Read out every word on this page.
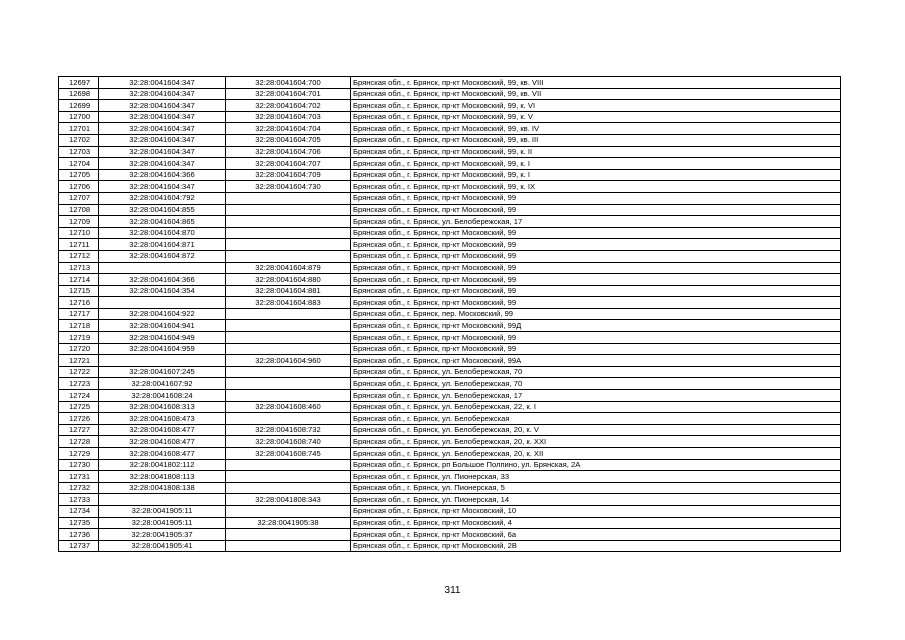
12697	32:28:0041604:347	32:28:0041604:700	Брянская обл., г. Брянск, пр-кт Московский, 99, кв. VIII
12698	32:28:0041604:347	32:28:0041604:701	Брянская обл., г. Брянск, пр-кт Московский, 99, кв. VII
12699	32:28:0041604:347	32:28:0041604:702	Брянская обл., г. Брянск, пр-кт Московский, 99, к. VI
12700	32:28:0041604:347	32:28:0041604:703	Брянская обл., г. Брянск, пр-кт Московский, 99, к. V
12701	32:28:0041604:347	32:28:0041604:704	Брянская обл., г. Брянск, пр-кт Московский, 99, кв. IV
12702	32:28:0041604:347	32:28:0041604:705	Брянская обл., г. Брянск, пр-кт Московский, 99, кв. III
12703	32:28:0041604:347	32:28:0041604:706	Брянская обл., г. Брянск, пр-кт Московский, 99, к. II
12704	32:28:0041604:347	32:28:0041604:707	Брянская обл., г. Брянск, пр-кт Московский, 99, к. I
12705	32:28:0041604:366	32:28:0041604:709	Брянская обл., г. Брянск, пр-кт Московский, 99, к. I
12706	32:28:0041604:347	32:28:0041604:730	Брянская обл., г. Брянск, пр-кт Московский, 99, к. IX
12707	32:28:0041604:792		Брянская обл., г. Брянск, пр-кт Московский, 99
12708	32:28:0041604:855		Брянская обл., г. Брянск, пр-кт Московский, 99
12709	32:28:0041604:865		Брянская обл., г. Брянск, ул. Белобережская, 17
12710	32:28:0041604:870		Брянская обл., г. Брянск, пр-кт Московский, 99
12711	32:28:0041604:871		Брянская обл., г. Брянск, пр-кт Московский, 99
12712	32:28:0041604:872		Брянская обл., г. Брянск, пр-кт Московский, 99
12713		32:28:0041604:879	Брянская обл., г. Брянск, пр-кт Московский, 99
12714	32:28:0041604:366	32:28:0041604:880	Брянская обл., г. Брянск, пр-кт Московский, 99
12715	32:28:0041604:354	32:28:0041604:881	Брянская обл., г. Брянск, пр-кт Московский, 99
12716		32:28:0041604:883	Брянская обл., г. Брянск, пр-кт Московский, 99
12717	32:28:0041604:922		Брянская обл., г. Брянск, пер. Московский, 99
12718	32:28:0041604:941		Брянская обл., г. Брянск, пр-кт Московский, 99Д
12719	32:28:0041604:949		Брянская обл., г. Брянск, пр-кт Московский, 99
12720	32:28:0041604:959		Брянская обл., г. Брянск, пр-кт Московский, 99
12721		32:28:0041604:960	Брянская обл., г. Брянск, пр-кт Московский, 99А
12722	32:28:0041607:245		Брянская обл., г. Брянск, ул. Белобережская, 70
12723	32:28:0041607:92		Брянская обл., г. Брянск, ул. Белобережская, 70
12724	32:28:0041608:24		Брянская обл., г. Брянск, ул. Белобережская, 17
12725	32:28:0041608:313	32:28:0041608:460	Брянская обл., г. Брянск, ул. Белобережская, 22, к. I
12726	32:28:0041608:473		Брянская обл., г. Брянск, ул. Белобережская
12727	32:28:0041608:477	32:28:0041608:732	Брянская обл., г. Брянск, ул. Белобережская, 20, к. V
12728	32:28:0041608:477	32:28:0041608:740	Брянская обл., г. Брянск, ул. Белобережская, 20, к. XXI
12729	32:28:0041608:477	32:28:0041608:745	Брянская обл., г. Брянск, ул. Белобережская, 20, к. XII
12730	32:28:0041802:112		Брянская обл., г. Брянск, рп Большое Полпино, ул. Брянская, 2А
12731	32:28:0041808:113		Брянская обл., г. Брянск, ул. Пионерская, 33
12732	32:28:0041808:138		Брянская обл., г. Брянск, ул. Пионерская, 5
12733		32:28:0041808:343	Брянская обл., г. Брянск, ул. Пионерская, 14
12734	32:28:0041905:11		Брянская обл., г. Брянск, пр-кт Московский, 10
12735	32:28:0041905:11	32:28:0041905:38	Брянская обл., г. Брянск, пр-кт Московский, 4
12736	32:28:0041905:37		Брянская обл., г. Брянск, пр-кт Московский, 6а
12737	32:28:0041905:41		Брянская обл., г. Брянск, пр-кт Московский, 2В
311
